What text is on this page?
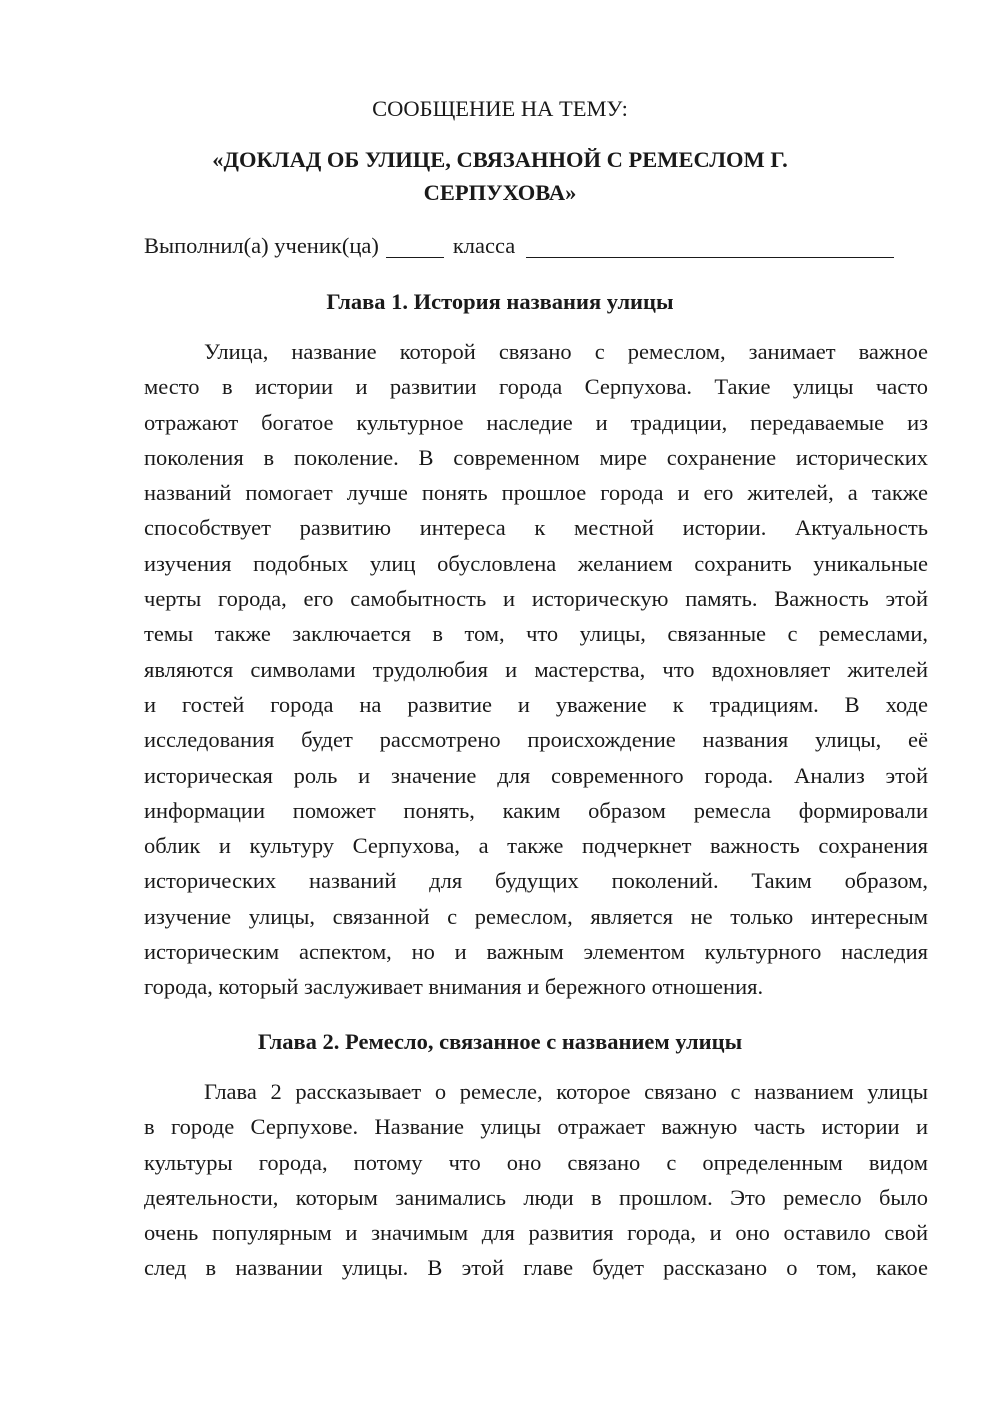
СООБЩЕНИЕ НА ТЕМУ:
«ДОКЛАД ОБ УЛИЦЕ, СВЯЗАННОЙ С РЕМЕСЛОМ Г.
СЕРПУХОВА»
Выполнил(а) ученик(ца)	класса
Глава 1. История названия улицы
Улица, название которой связано с ремеслом, занимает важное
место в истории и развитии города Серпухова. Такие улицы часто
отражают богатое культурное наследие и традиции, передаваемые из
поколения в поколение. В современном мире сохранение исторических
названий помогает лучше понять прошлое города и его жителей, а также
способствует развитию интереса к местной истории. Актуальность
изучения подобных улиц обусловлена желанием сохранить уникальные
черты города, его самобытность и историческую память. Важность этой
темы также заключается в том, что улицы, связанные с ремеслами,
являются символами трудолюбия и мастерства, что вдохновляет жителей
и гостей города на развитие и уважение к традициям. В ходе
исследования будет рассмотрено происхождение названия улицы, её
историческая роль и значение для современного города. Анализ этой
информации поможет понять, каким образом ремесла формировали
облик и культуру Серпухова, а также подчеркнет важность сохранения
исторических названий для будущих поколений. Таким образом,
изучение улицы, связанной с ремеслом, является не только интересным
историческим аспектом, но и важным элементом культурного наследия
города, который заслуживает внимания и бережного отношения.
Глава 2. Ремесло, связанное с названием улицы
Глава 2 рассказывает о ремесле, которое связано с названием улицы
в городе Серпухове. Название улицы отражает важную часть истории и
культуры города, потому что оно связано с определенным видом
деятельности, которым занимались люди в прошлом. Это ремесло было
очень популярным и значимым для развития города, и оно оставило свой
след в названии улицы. В этой главе будет рассказано о том, какое
